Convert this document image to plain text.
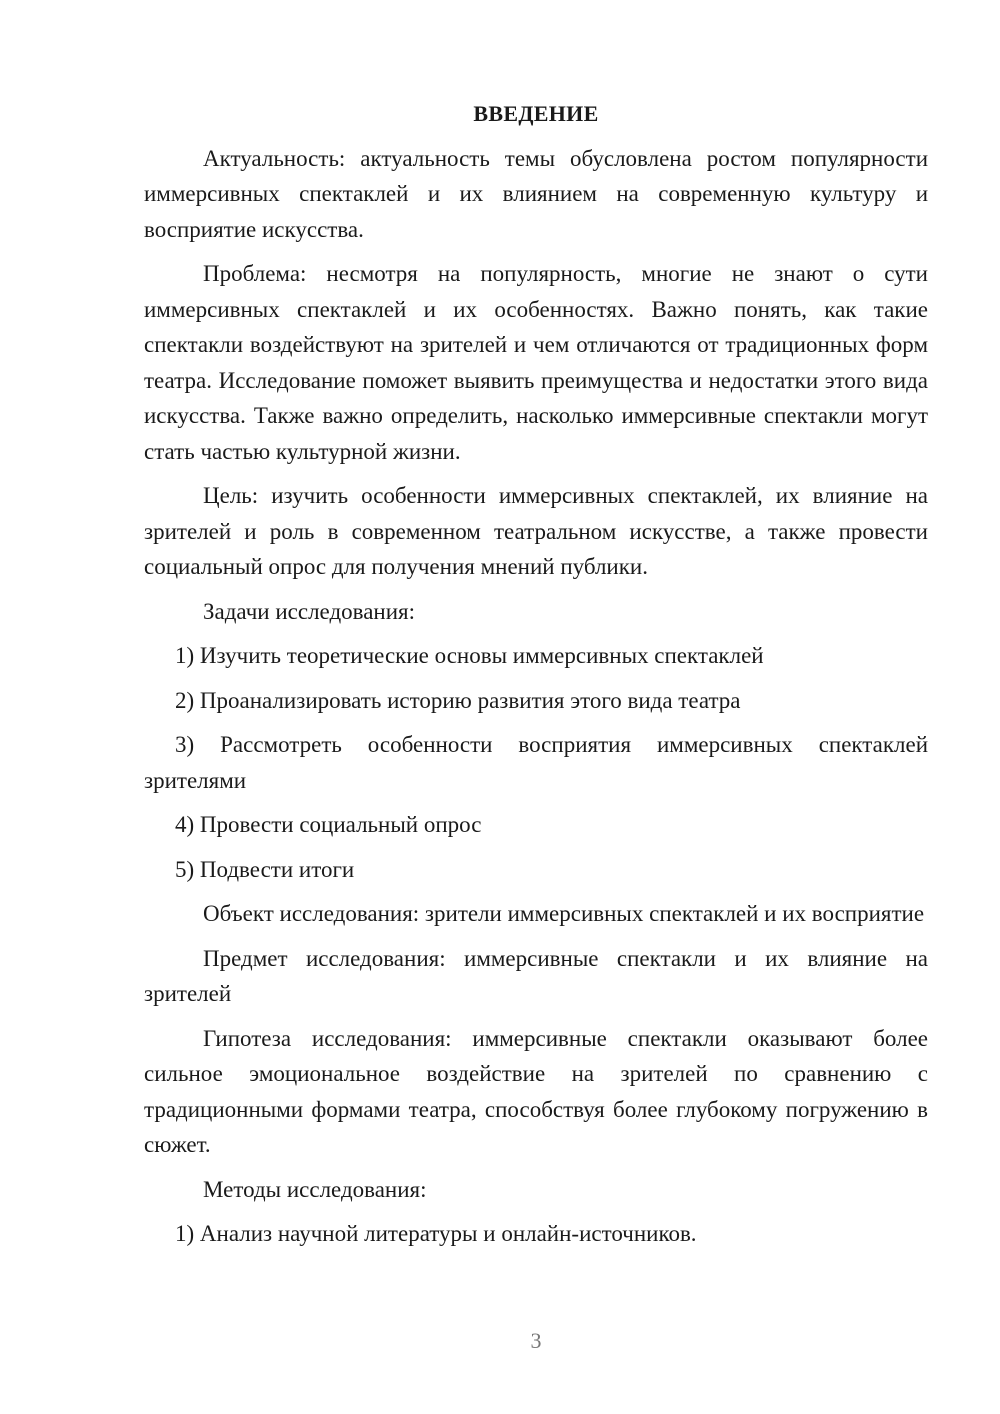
ВВЕДЕНИЕ

Актуальность: актуальность темы обусловлена ростом популярности иммерсивных спектаклей и их влиянием на современную культуру и восприятие искусства.

Проблема: несмотря на популярность, многие не знают о сути иммерсивных спектаклей и их особенностях. Важно понять, как такие спектакли воздействуют на зрителей и чем отличаются от традиционных форм театра. Исследование поможет выявить преимущества и недостатки этого вида искусства. Также важно определить, насколько иммерсивные спектакли могут стать частью культурной жизни.

Цель: изучить особенности иммерсивных спектаклей, их влияние на зрителей и роль в современном театральном искусстве, а также провести социальный опрос для получения мнений публики.

Задачи исследования:

1) Изучить теоретические основы иммерсивных спектаклей

2) Проанализировать историю развития этого вида театра

3) Рассмотреть особенности восприятия иммерсивных спектаклей зрителями

4) Провести социальный опрос

5) Подвести итоги

Объект исследования: зрители иммерсивных спектаклей и их восприятие

Предмет исследования: иммерсивные спектакли и их влияние на зрителей

Гипотеза исследования: иммерсивные спектакли оказывают более сильное эмоциональное воздействие на зрителей по сравнению с традиционными формами театра, способствуя более глубокому погружению в сюжет.

Методы исследования:

1) Анализ научной литературы и онлайн-источников.

3
